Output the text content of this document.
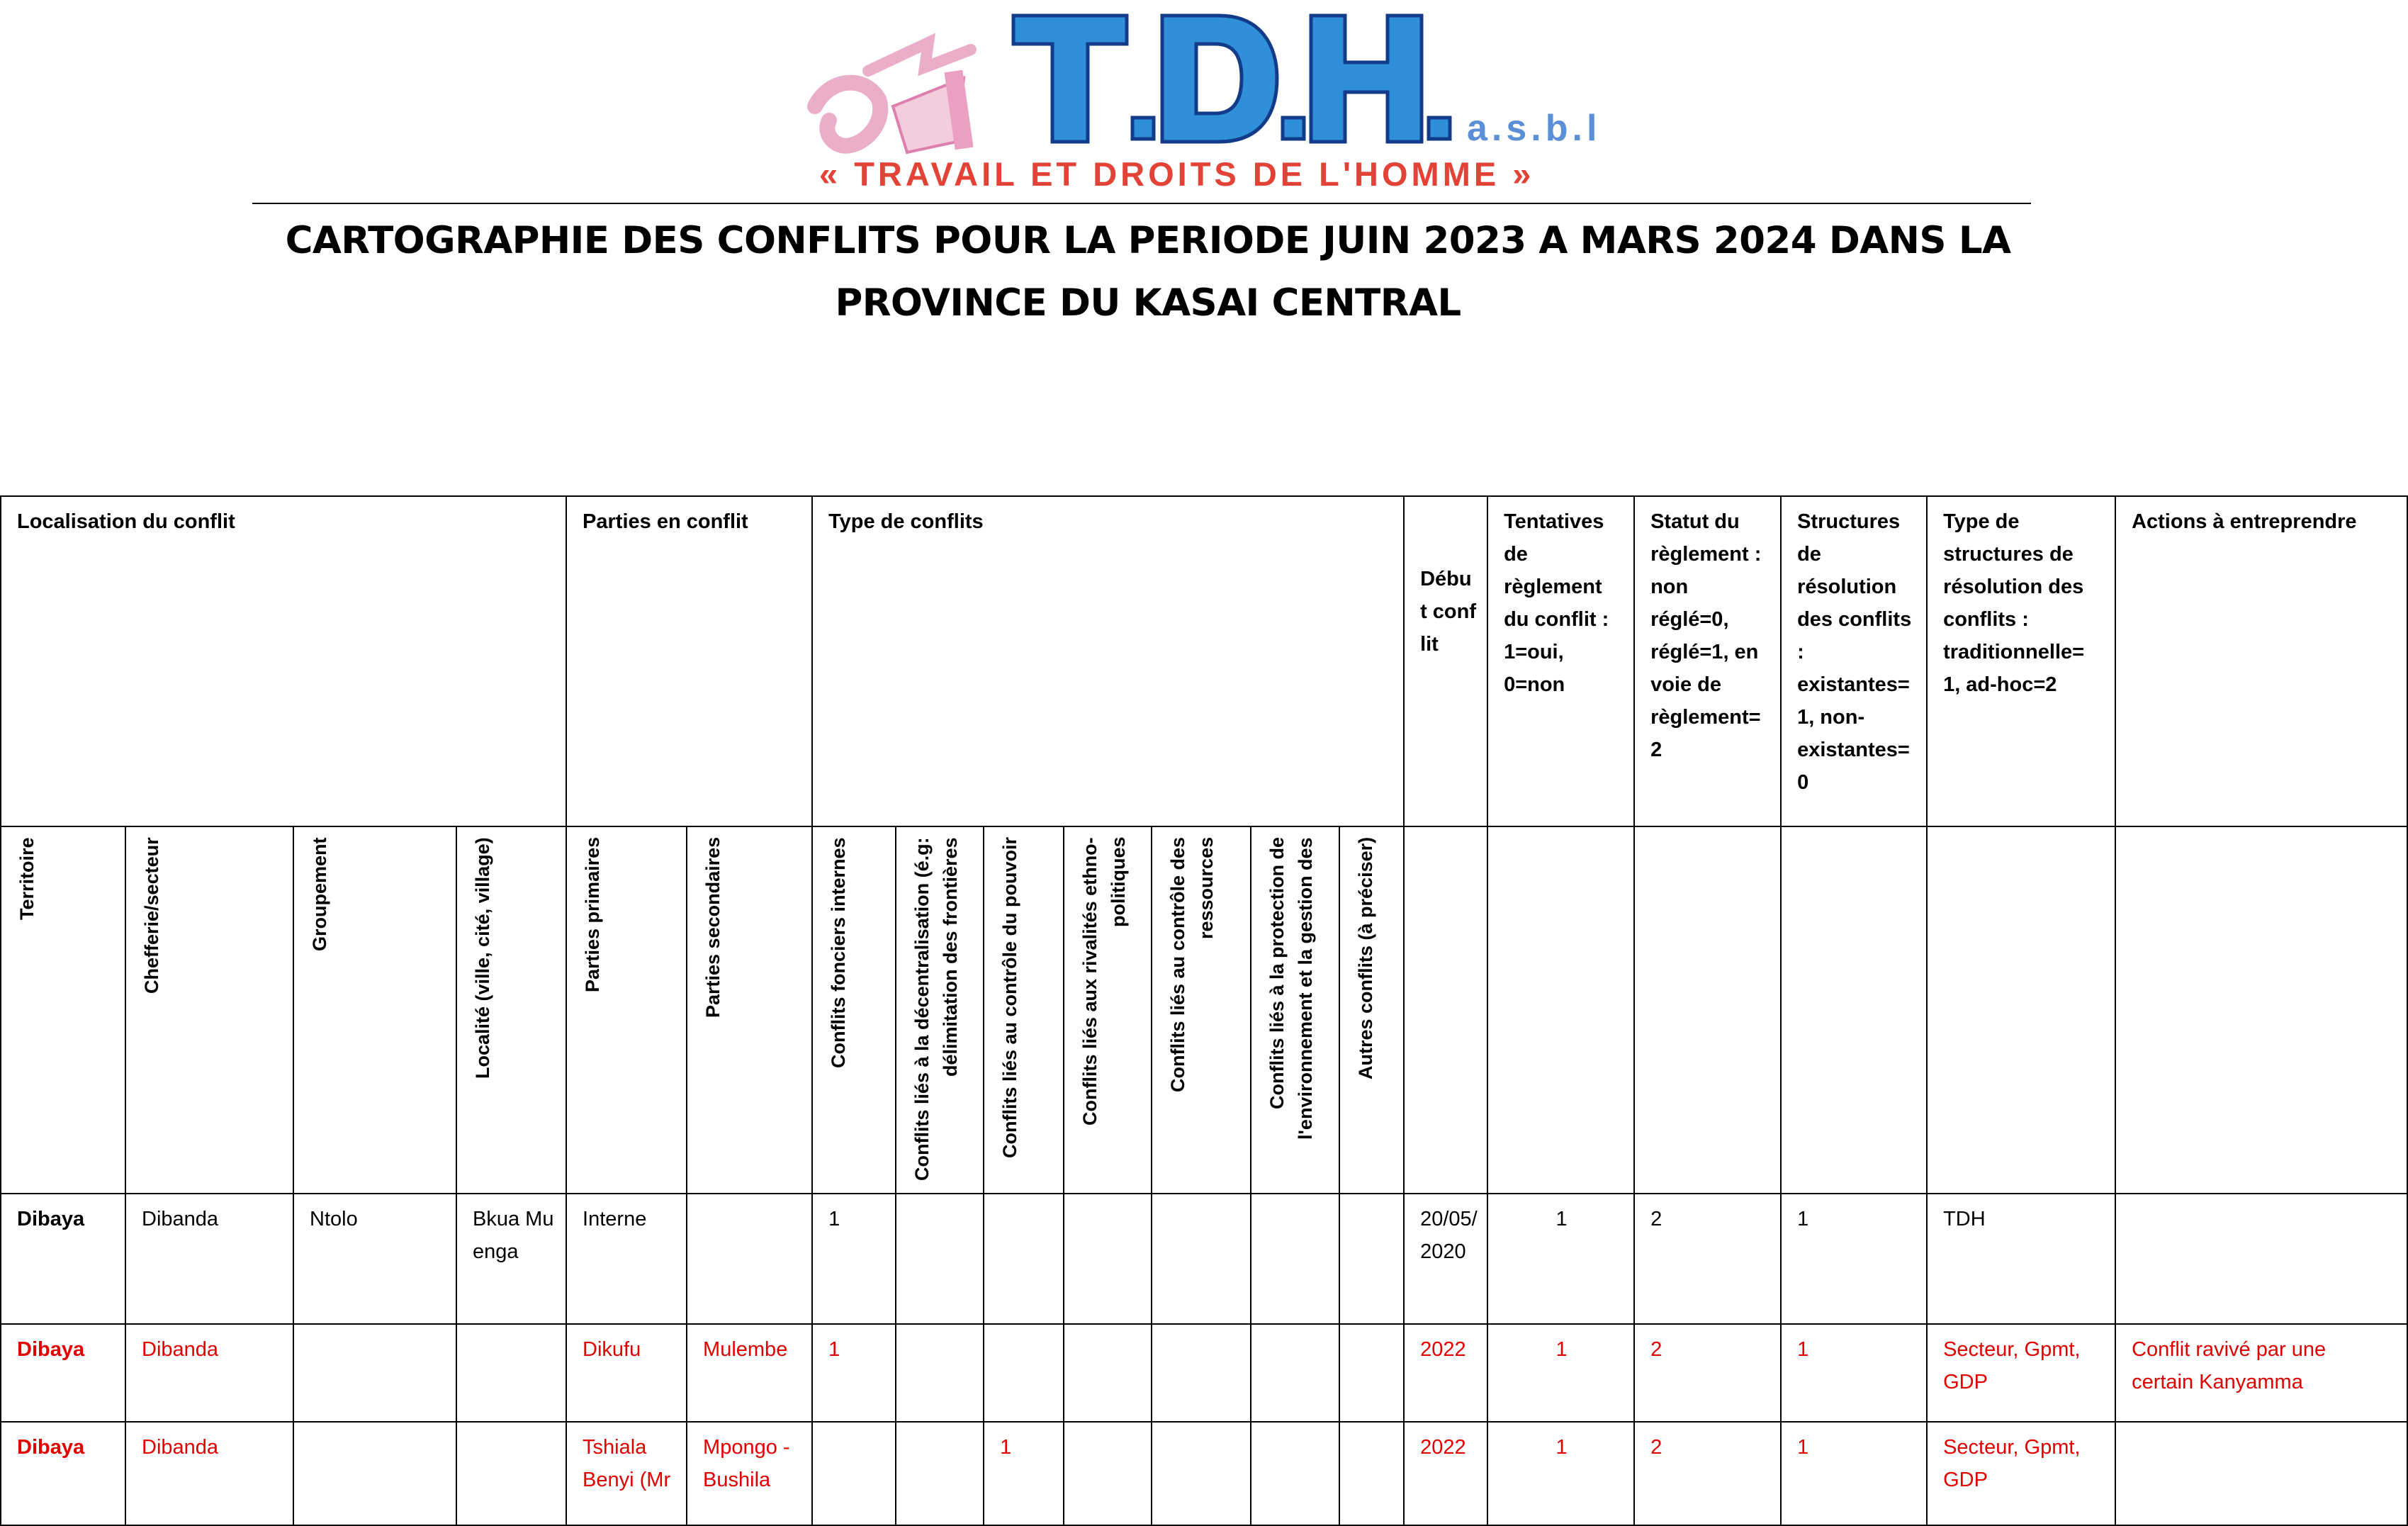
a.s.b.l
« TRAVAIL ET DROITS DE L'HOMME »
CARTOGRAPHIE DES CONFLITS POUR LA PERIODE JUIN 2023 A MARS 2024 DANS LA
PROVINCE DU KASAI CENTRAL
Localisation du conflit				Parties en conflit		Type de conflits							Début conflit	Tentatives de règlement du conflit : 1=oui, 0=non	Statut du règlement : non réglé=0, réglé=1, en voie de règlement= 2	Structures de résolution des conflits : existantes= 1, non-existantes= 0	Type de structures de résolution des conflits : traditionnelle= 1, ad-hoc=2	Actions à entreprendre

Territoire	Chefferie/secteur	Groupement	Localité (ville, cité, village)	Parties primaires	Parties secondaires	Conflits fonciers internes	Conflits liés à la décentralisation (é.g: délimitation des frontières	Conflits liés au contrôle du pouvoir	Conflits liés aux rivalités ethno-politiques	Conflits liés au contrôle des ressources	Conflits liés à la protection de l'environnement et la gestion des	Autres conflits (à préciser)						

Dibaya	Dibanda	Ntolo	Bkua Muenga	Interne		1							20/05/2020	1	2	1	TDH	
Dibaya	Dibanda			Dikufu	Mulembe	1							2022	1	2	1	Secteur, Gpmt, GDP	Conflit ravivé par une certain Kanyamma
Dibaya	Dibanda			Tshiala Benyi (Mr	Mpongo - Bushila			1					2022	1	2	1	Secteur, Gpmt, GDP	
